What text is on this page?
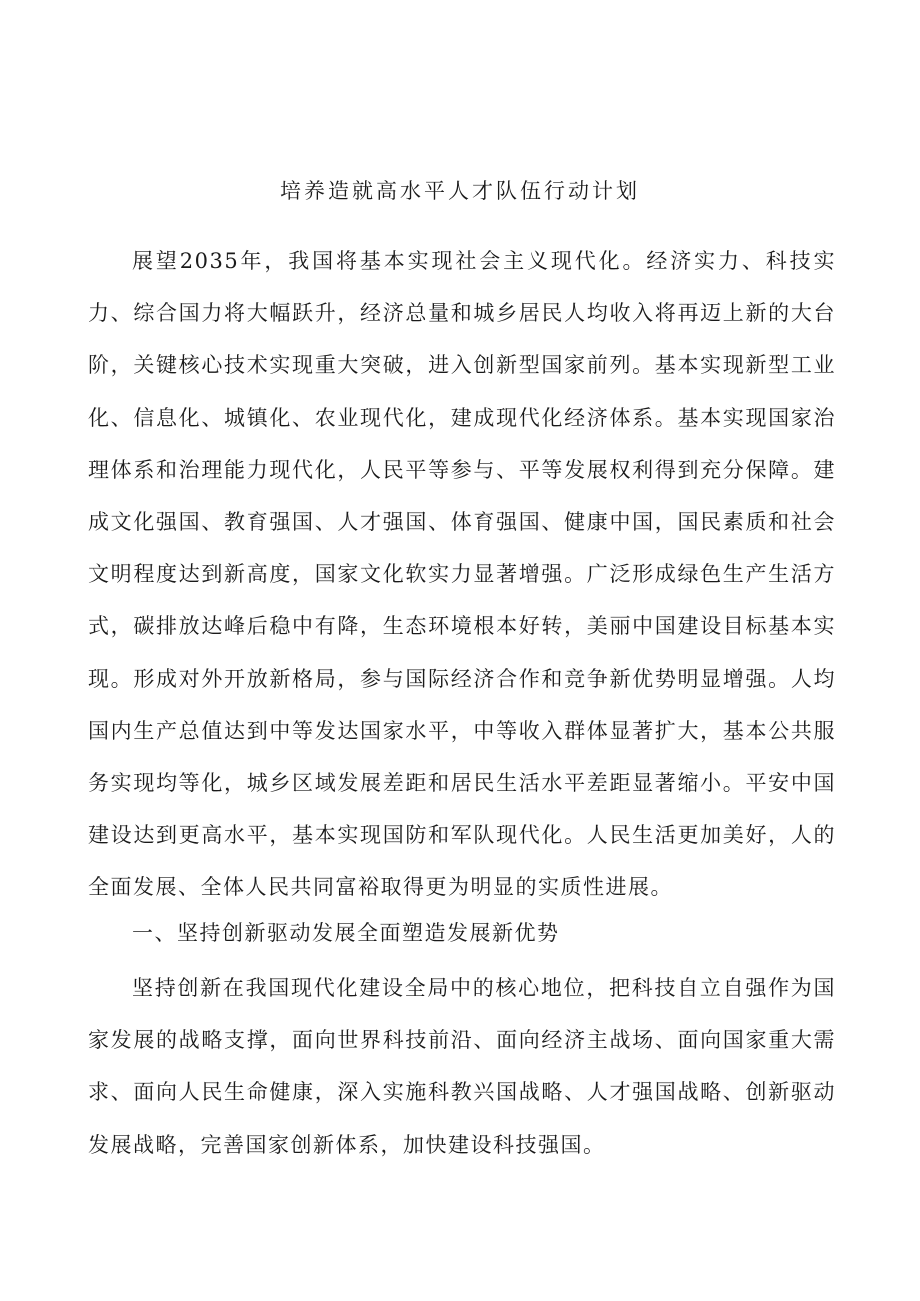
培养造就高水平人才队伍行动计划

展望2035年，我国将基本实现社会主义现代化。经济实力、科技实力、综合国力将大幅跃升，经济总量和城乡居民人均收入将再迈上新的大台阶，关键核心技术实现重大突破，进入创新型国家前列。基本实现新型工业化、信息化、城镇化、农业现代化，建成现代化经济体系。基本实现国家治理体系和治理能力现代化，人民平等参与、平等发展权利得到充分保障。建成文化强国、教育强国、人才强国、体育强国、健康中国，国民素质和社会文明程度达到新高度，国家文化软实力显著增强。广泛形成绿色生产生活方式，碳排放达峰后稳中有降，生态环境根本好转，美丽中国建设目标基本实现。形成对外开放新格局，参与国际经济合作和竞争新优势明显增强。人均国内生产总值达到中等发达国家水平，中等收入群体显著扩大，基本公共服务实现均等化，城乡区域发展差距和居民生活水平差距显著缩小。平安中国建设达到更高水平，基本实现国防和军队现代化。人民生活更加美好，人的全面发展、全体人民共同富裕取得更为明显的实质性进展。

一、坚持创新驱动发展全面塑造发展新优势

坚持创新在我国现代化建设全局中的核心地位，把科技自立自强作为国家发展的战略支撑，面向世界科技前沿、面向经济主战场、面向国家重大需求、面向人民生命健康，深入实施科教兴国战略、人才强国战略、创新驱动发展战略，完善国家创新体系，加快建设科技强国。
